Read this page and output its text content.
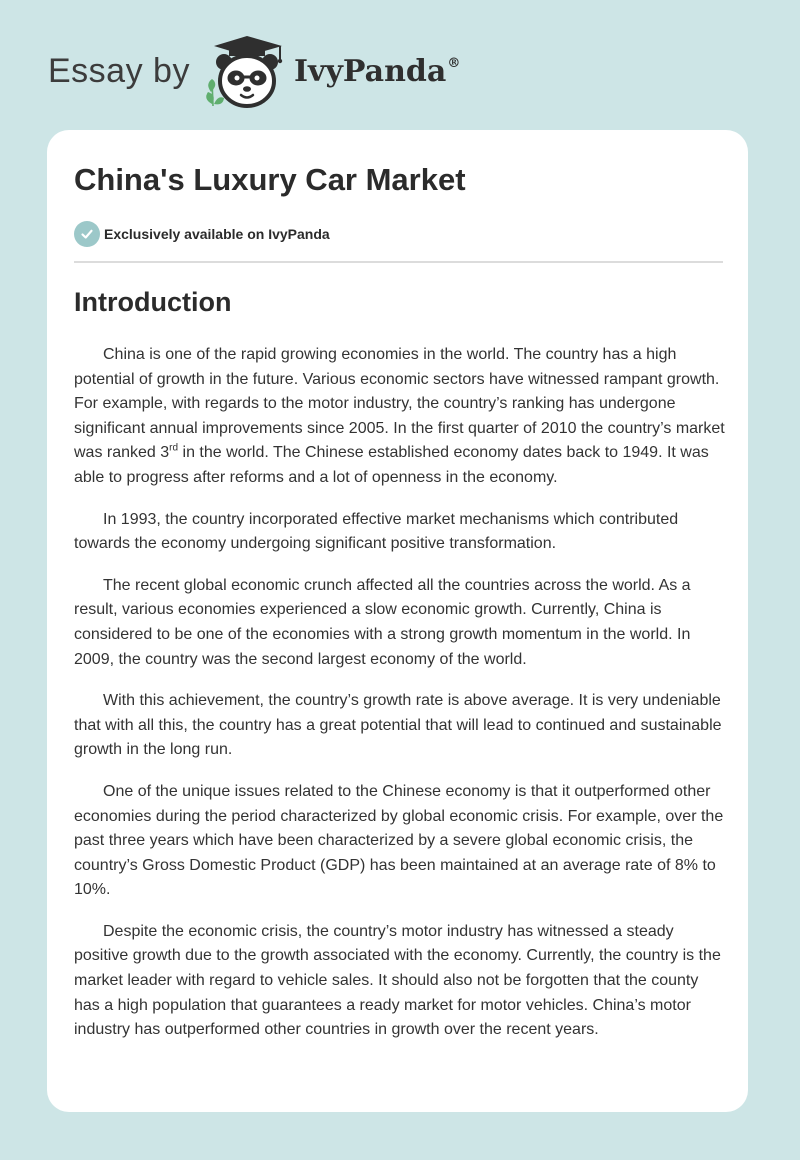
Essay by	IvyPanda®
China's Luxury Car Market
Exclusively available on IvyPanda
Introduction

China is one of the rapid growing economies in the world. The country has a high potential of growth in the future. Various economic sectors have witnessed rampant growth. For example, with regards to the motor industry, the country’s ranking has undergone significant annual improvements since 2005. In the first quarter of 2010 the country’s market was ranked 3rd in the world. The Chinese established economy dates back to 1949. It was able to progress after reforms and a lot of openness in the economy.

In 1993, the country incorporated effective market mechanisms which contributed towards the economy undergoing significant positive transformation.

The recent global economic crunch affected all the countries across the world. As a result, various economies experienced a slow economic growth. Currently, China is considered to be one of the economies with a strong growth momentum in the world. In 2009, the country was the second largest economy of the world.

With this achievement, the country’s growth rate is above average. It is very undeniable that with all this, the country has a great potential that will lead to continued and sustainable growth in the long run.

One of the unique issues related to the Chinese economy is that it outperformed other economies during the period characterized by global economic crisis. For example, over the past three years which have been characterized by a severe global economic crisis, the country’s Gross Domestic Product (GDP) has been maintained at an average rate of 8% to 10%.

Despite the economic crisis, the country’s motor industry has witnessed a steady positive growth due to the growth associated with the economy. Currently, the country is the market leader with regard to vehicle sales. It should also not be forgotten that the county has a high population that guarantees a ready market for motor vehicles. China’s motor industry has outperformed other countries in growth over the recent years.
